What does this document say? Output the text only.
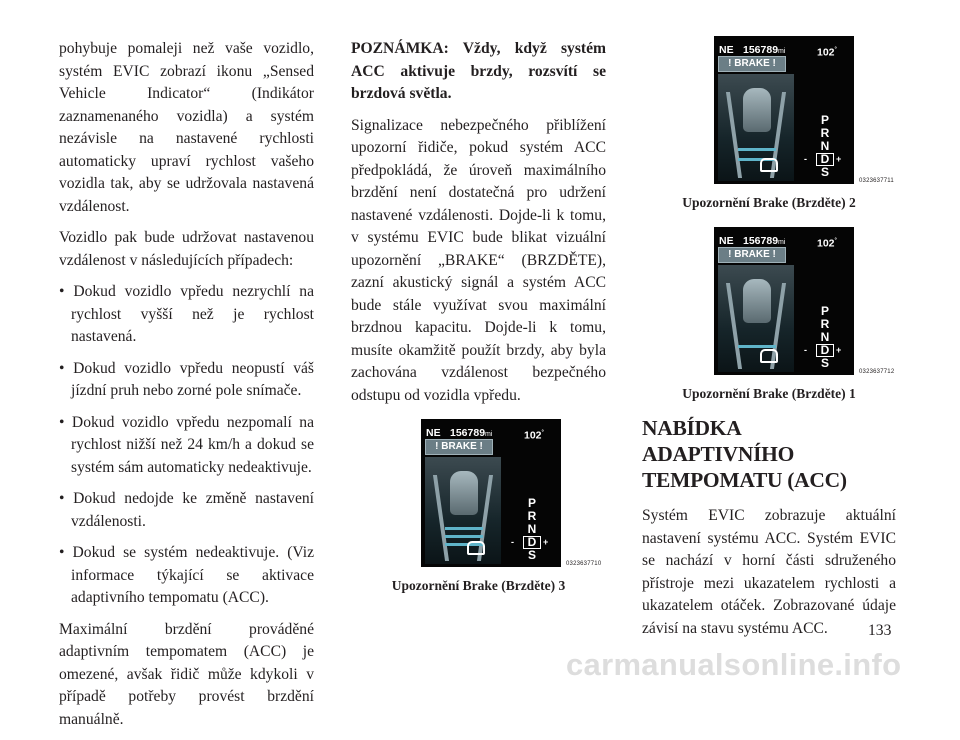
pohybuje pomaleji než vaše vozidlo, systém EVIC zobrazí ikonu „Sensed Vehicle Indicator“ (Indikátor zaznamenaného vozidla) a systém nezávisle na nastavené rychlosti automaticky upraví rychlost vašeho vozidla tak, aby se udržovala nastavená vzdálenost.

Vozidlo pak bude udržovat nastavenou vzdálenost v následujících případech:

• Dokud vozidlo vpředu nezrychlí na rychlost vyšší než je rychlost nastavená.
• Dokud vozidlo vpředu neopustí váš jízdní pruh nebo zorné pole snímače.
• Dokud vozidlo vpředu nezpomalí na rychlost nižší než 24 km/h a dokud se systém sám automaticky nedeaktivuje.
• Dokud nedojde ke změně nastavení vzdálenosti.
• Dokud se systém nedeaktivuje. (Viz informace týkající se aktivace adaptivního tempomatu (ACC).

Maximální brzdění prováděné adaptivním tempomatem (ACC) je omezené, avšak řidič může kdykoli v případě potřeby provést brzdění manuálně.

POZNÁMKA: Vždy, když systém ACC aktivuje brzdy, rozsvítí se brzdová světla.

Signalizace nebezpečného přiblížení upozorní řidiče, pokud systém ACC předpokládá, že úroveň maximálního brzdění není dostatečná pro udržení nastavené vzdálenosti. Dojde-li k tomu, v systému EVIC bude blikat vizuální upozornění „BRAKE“ (BRZDĚTE), zazní akustický signál a systém ACC bude stále využívat svou maximální brzdnou kapacitu. Dojde-li k tomu, musíte okamžitě použít brzdy, aby byla zachována vzdálenost bezpečného odstupu od vozidla vpředu.

NE 156789mi	102°
! BRAKE !
P
R
N
D
S
-	+
0323637710
Upozornění Brake (Brzděte) 3
NE 156789mi	102°
! BRAKE !
P
R
N
D
S
-	+
0323637711
Upozornění Brake (Brzděte) 2
NE 156789mi	102°
! BRAKE !
P
R
N
D
S
-	+
0323637712
Upozornění Brake (Brzděte) 1
NABÍDKA ADAPTIVNÍHO TEMPOMATU (ACC)

Systém EVIC zobrazuje aktuální nastavení systému ACC. Systém EVIC se nachází v horní části sdruženého přístroje mezi ukazatelem rychlosti a ukazatelem otáček. Zobrazované údaje závisí na stavu systému ACC.	133
carmanualsonline.info
